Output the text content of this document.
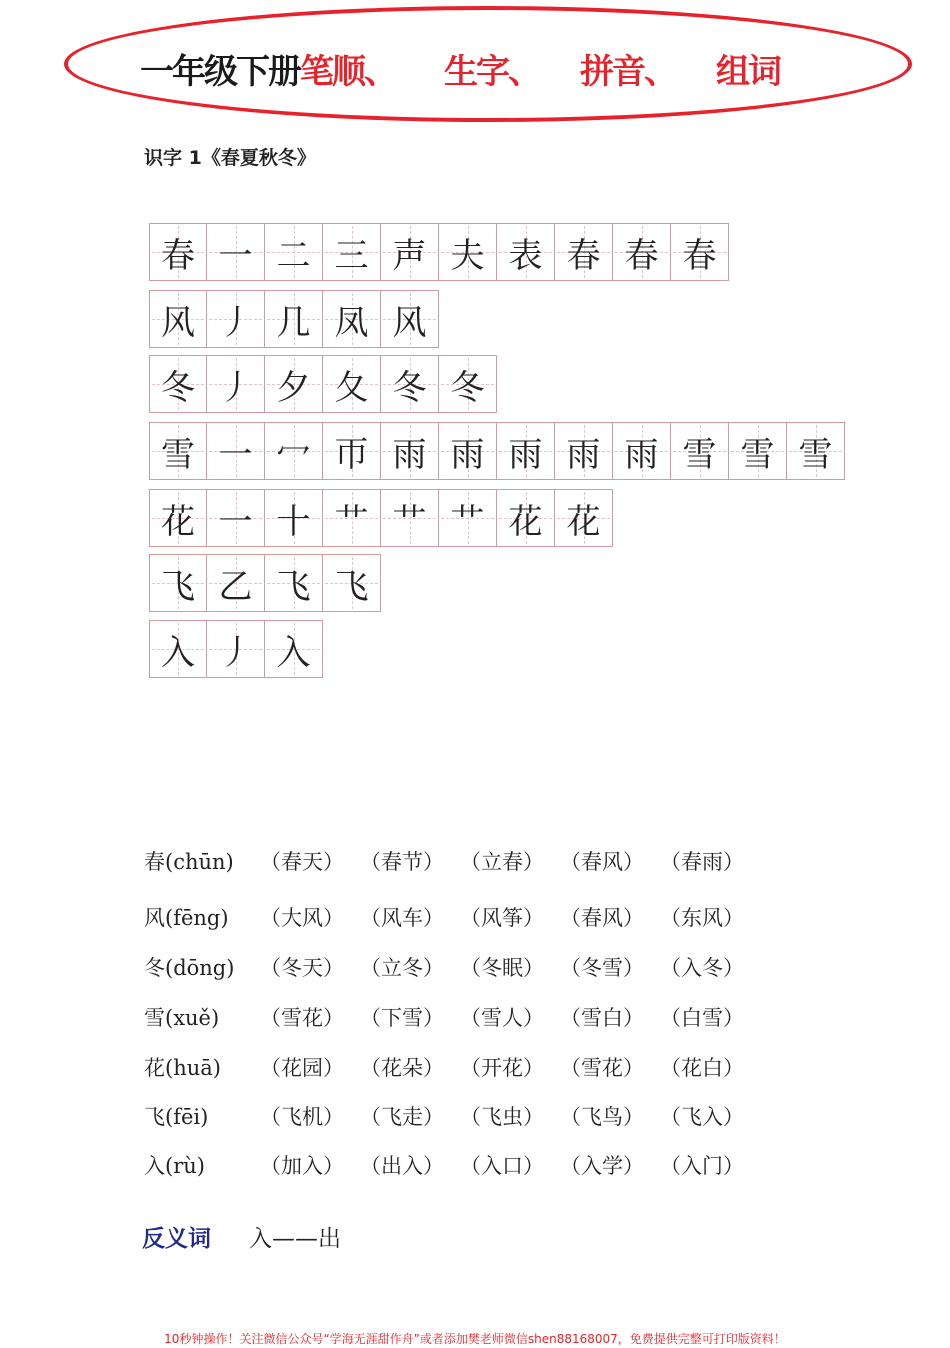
一年级下册 笔顺、 生字、 拼音、 组词
识字 1《春夏秋冬》
春 一 二 三 声 夫 表 春 春 春
风 丿 几 凤 风
冬 丿 夕 夂 冬 冬
雪 一 冖 帀 雨 雨 雨 雨 雨 雪 雪 雪
花 一 十 艹 艹 艹 花 花
飞 乙 飞 飞
入 丿 入
春(chūn) （春天） （春节） （立春） （春风） （春雨）
风(fēng) （大风） （风车） （风筝） （春风） （东风）
冬(dōng) （冬天） （立冬） （冬眠） （冬雪） （入冬）
雪(xuě) （雪花） （下雪） （雪人） （雪白） （白雪）
花(huā) （花园） （花朵） （开花） （雪花） （花白）
飞(fēi) （飞机） （飞走） （飞虫） （飞鸟） （飞入）
入(rù)	（加入） （出入） （入口） （入学） （入门）
反义词 入——出
10秒钟操作！关注微信公众号“学海无涯甜作舟”或者添加樊老师微信shen88168007，免费提供完整可打印版资料！
